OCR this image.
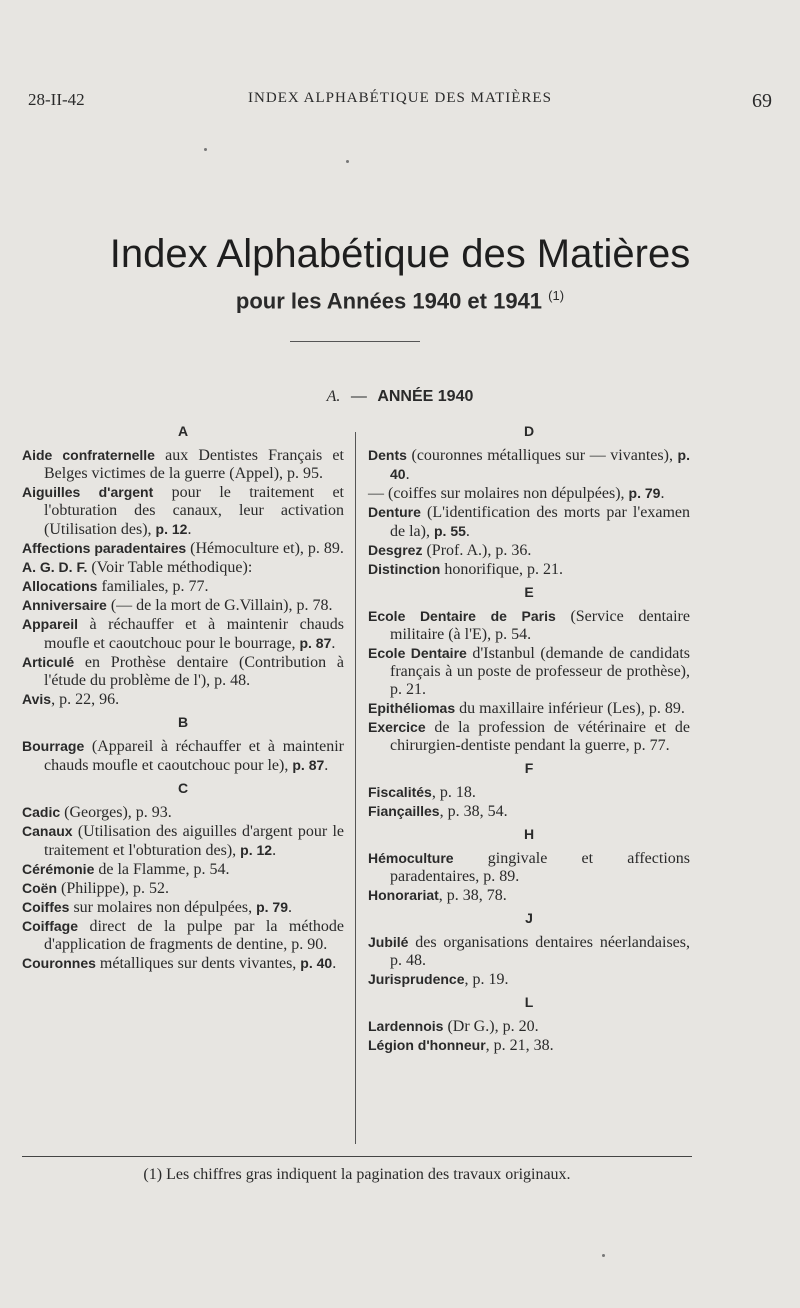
28-II-42	INDEX ALPHABÉTIQUE DES MATIÈRES	69
Index Alphabétique des Matières
pour les Années 1940 et 1941 $^{(1)}$
A. — ANNÉE 1940
A
Aide confraternelle aux Dentistes Français et Belges victimes de la guerre (Appel), p. 95.
Aiguilles d'argent pour le traitement et l'obturation des canaux, leur activation (Utilisation des), p. 12.
Affections paradentaires (Hémoculture et), p. 89.
A. G. D. F. (Voir Table méthodique):
Allocations familiales, p. 77.
Anniversaire (— de la mort de G.Villain), p. 78.
Appareil à réchauffer et à maintenir chauds moufle et caoutchouc pour le bourrage, p. 87.
Articulé en Prothèse dentaire (Contribution à l'étude du problème de l'), p. 48.
Avis, p. 22, 96.
B
Bourrage (Appareil à réchauffer et à maintenir chauds moufle et caoutchouc pour le), p. 87.
C
Cadic (Georges), p. 93.
Canaux (Utilisation des aiguilles d'argent pour le traitement et l'obturation des), p. 12.
Cérémonie de la Flamme, p. 54.
Coën (Philippe), p. 52.
Coiffes sur molaires non dépulpées, p. 79.
Coiffage direct de la pulpe par la méthode d'application de fragments de dentine, p. 90.
Couronnes métalliques sur dents vivantes, p. 40.
D
Dents (couronnes métalliques sur — vivantes), p. 40.
— (coiffes sur molaires non dépulpées), p. 79.
Denture (L'identification des morts par l'examen de la), p. 55.
Desgrez (Prof. A.), p. 36.
Distinction honorifique, p. 21.
E
Ecole Dentaire de Paris (Service dentaire militaire (à l'E), p. 54.
Ecole Dentaire d'Istanbul (demande de candidats français à un poste de professeur de prothèse), p. 21.
Epithéliomas du maxillaire inférieur (Les), p. 89.
Exercice de la profession de vétérinaire et de chirurgien-dentiste pendant la guerre, p. 77.
F
Fiscalités, p. 18.
Fiançailles, p. 38, 54.
H
Hémoculture gingivale et affections paradentaires, p. 89.
Honorariat, p. 38, 78.
J
Jubilé des organisations dentaires néerlandaises, p. 48.
Jurisprudence, p. 19.
L
Lardennois (Dr G.), p. 20.
Légion d'honneur, p. 21, 38.
(1) Les chiffres gras indiquent la pagination des travaux originaux.
